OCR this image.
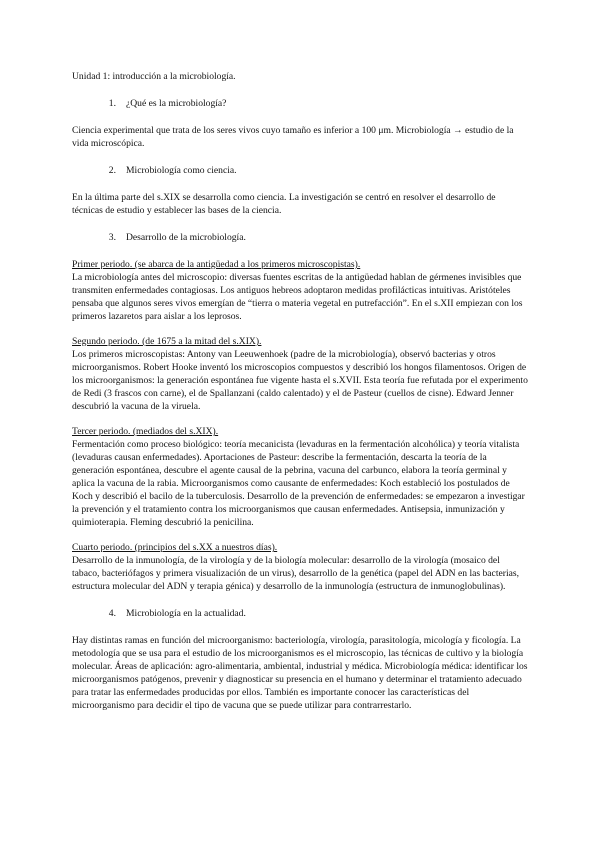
Unidad 1: introducción a la microbiología.

1. ¿Qué es la microbiología?

Ciencia experimental que trata de los seres vivos cuyo tamaño es inferior a 100 μm. Microbiología → estudio de la vida microscópica.

2. Microbiología como ciencia.

En la última parte del s.XIX se desarrolla como ciencia. La investigación se centró en resolver el desarrollo de técnicas de estudio y establecer las bases de la ciencia.

3. Desarrollo de la microbiología.

Primer periodo. (se abarca de la antigüedad a los primeros microscopistas).

La microbiología antes del microscopio: diversas fuentes escritas de la antigüedad hablan de gérmenes invisibles que transmiten enfermedades contagiosas. Los antiguos hebreos adoptaron medidas profilácticas intuitivas. Aristóteles pensaba que algunos seres vivos emergían de “tierra o materia vegetal en putrefacción”. En el s.XII empiezan con los primeros lazaretos para aislar a los leprosos.

Segundo periodo. (de 1675 a la mitad del s.XIX).

Los primeros microscopistas: Antony van Leeuwenhoek (padre de la microbiología), observó bacterias y otros microorganismos. Robert Hooke inventó los microscopios compuestos y describió los hongos filamentosos. Origen de los microorganismos: la generación espontánea fue vigente hasta el s.XVII. Esta teoría fue refutada por el experimento de Redi (3 frascos con carne), el de Spallanzani (caldo calentado) y el de Pasteur (cuellos de cisne). Edward Jenner descubrió la vacuna de la viruela.

Tercer periodo. (mediados del s.XIX).

Fermentación como proceso biológico: teoría mecanicista (levaduras en la fermentación alcohólica) y teoría vitalista (levaduras causan enfermedades). Aportaciones de Pasteur: describe la fermentación, descarta la teoría de la generación espontánea, descubre el agente causal de la pebrina, vacuna del carbunco, elabora la teoría germinal y aplica la vacuna de la rabia. Microorganismos como causante de enfermedades: Koch estableció los postulados de Koch y describió el bacilo de la tuberculosis. Desarrollo de la prevención de enfermedades: se empezaron a investigar la prevención y el tratamiento contra los microorganismos que causan enfermedades. Antisepsia, inmunización y quimioterapia. Fleming descubrió la penicilina.

Cuarto periodo. (principios del s.XX a nuestros días).

Desarrollo de la inmunología, de la virología y de la biología molecular: desarrollo de la virología (mosaico del tabaco, bacteriófagos y primera visualización de un virus), desarrollo de la genética (papel del ADN en las bacterias, estructura molecular del ADN y terapia génica) y desarrollo de la inmunología (estructura de inmunoglobulinas).

4. Microbiología en la actualidad.

Hay distintas ramas en función del microorganismo: bacteriología, virología, parasitología, micología y ficología. La metodología que se usa para el estudio de los microorganismos es el microscopio, las técnicas de cultivo y la biología molecular. Áreas de aplicación: agro-alimentaria, ambiental, industrial y médica. Microbiología médica: identificar los microorganismos patógenos, prevenir y diagnosticar su presencia en el humano y determinar el tratamiento adecuado para tratar las enfermedades producidas por ellos. También es importante conocer las características del microorganismo para decidir el tipo de vacuna que se puede utilizar para contrarrestarlo.
